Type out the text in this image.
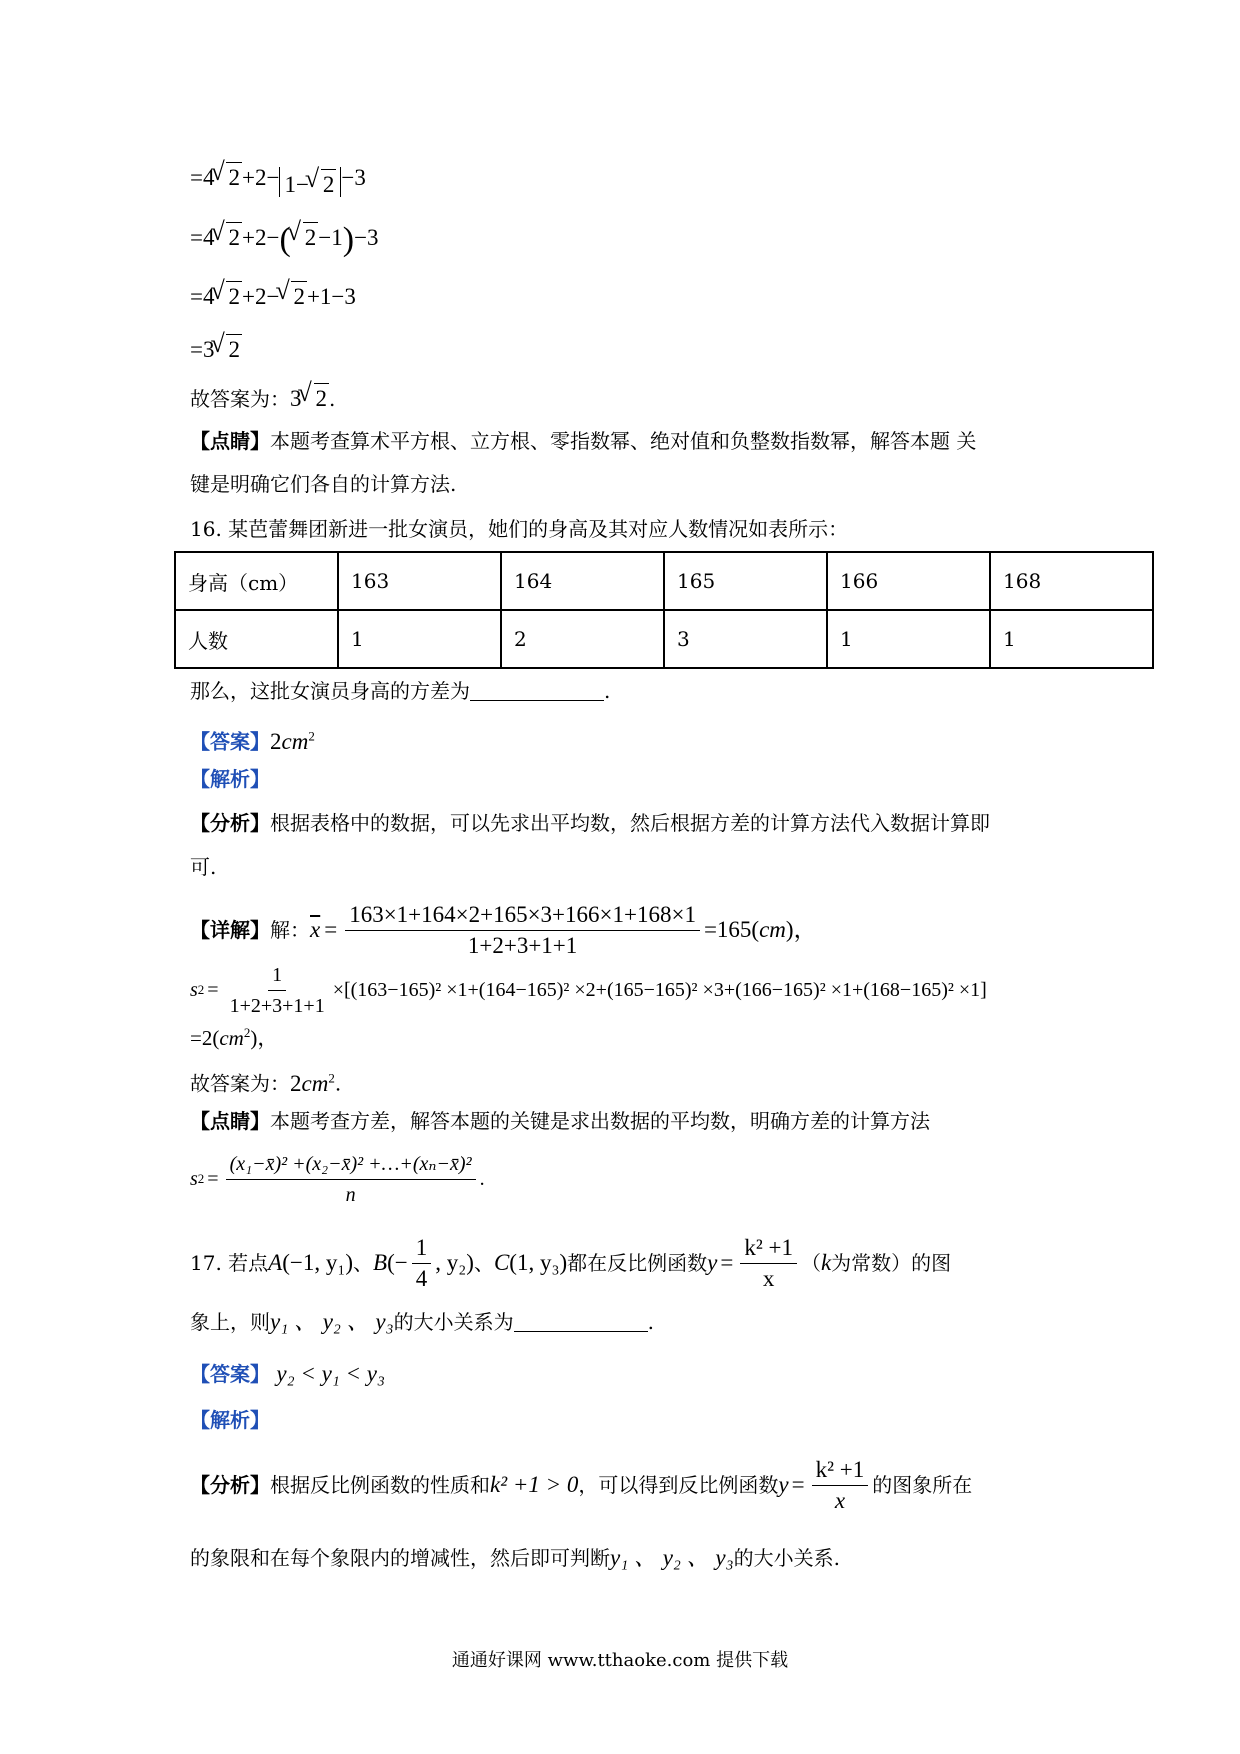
=4 √ 2+2− 1− √ 2 −3
=4 √ 2+2−( √ 2−1)−3
=4 √ 2+2− √ 2+1−3
=3 √ 2
故答案为：3 √ 2 .
【点睛】本题考查算术平方根、立方根、零指数幂、绝对值和负整数指数幂，解答本题 关
键是明确它们各自的计算方法.
16. 某芭蕾舞团新进一批女演员，她们的身高及其对应人数情况如表所示：
身高（cm）	163	164	165	166	168
人数	1	2	3	1	1
那么，这批女演员身高的方差为	.
【答案】$2cm^2$
【解析】
【分析】根据表格中的数据，可以先求出平均数，然后根据方差的计算方法代入数据计算即
可.
【详解】 解： $\overline{x} = \frac{163\times 1+164\times 2+165\times 3+166\times 1+168\times 1}{1+2+3+1+1} =165$( cm )，
s $2 = \frac{1}{1+2+3+1+1} \times[(163-165)^2 \times 1+(164-165)^2 \times 2+(165-165)^2 \times 3+(166-165)^2 \times 1+(168-165)^2 \times 1]$
$=2(cm^2)$，
故答案为：$2cm^2$.
【点睛】本题考查方差，解答本题的关键是求出数据的平均数，明确方差的计算方法
s $2 = \frac{\text{(x₁−x̄)² +(x₂−x̄)² +…+(xₙ−x̄)²}}{n}$ .
17.
若点 A (−1, y₁) 、 B (− $\frac{1}{4}$ , y₂) 、 C (1, y₃) 都在反比例函数 $y = \frac{\text{k² +1}}{x}$ （ k 为常数）的图
象上，则y₁ 、 y₂ 、 y₃的大小关系为	.
【答案】 y₂ < y₁ < y₃
【解析】
【分析】 根据反比例函数的性质和 k² +1 > 0 ，可以得到反比例函数 $y = \frac{\text{k² +1}}{x}$ 的图象所在
的象限和在每个象限内的增减性，然后即可判断y₁ 、 y₂ 、 y₃的大小关系.
通通好课网 www.tthaoke.com 提供下载
